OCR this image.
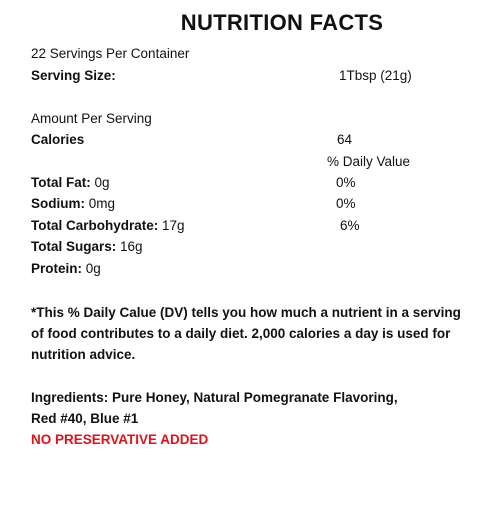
NUTRITION FACTS
22 Servings Per Container
Serving Size:	1Tbsp (21g)
Amount Per Serving
Calories	64
% Daily Value
Total Fat: 0g	0%
Sodium: 0mg	0%
Total Carbohydrate: 17g	6%
Total Sugars: 16g
Protein: 0g
*This % Daily Calue (DV) tells you how much a nutrient in a serving of food contributes to a daily diet. 2,000 calories a day is used for nutrition advice.
Ingredients: Pure Honey, Natural Pomegranate Flavoring,
Red #40, Blue #1
NO PRESERVATIVE ADDED
